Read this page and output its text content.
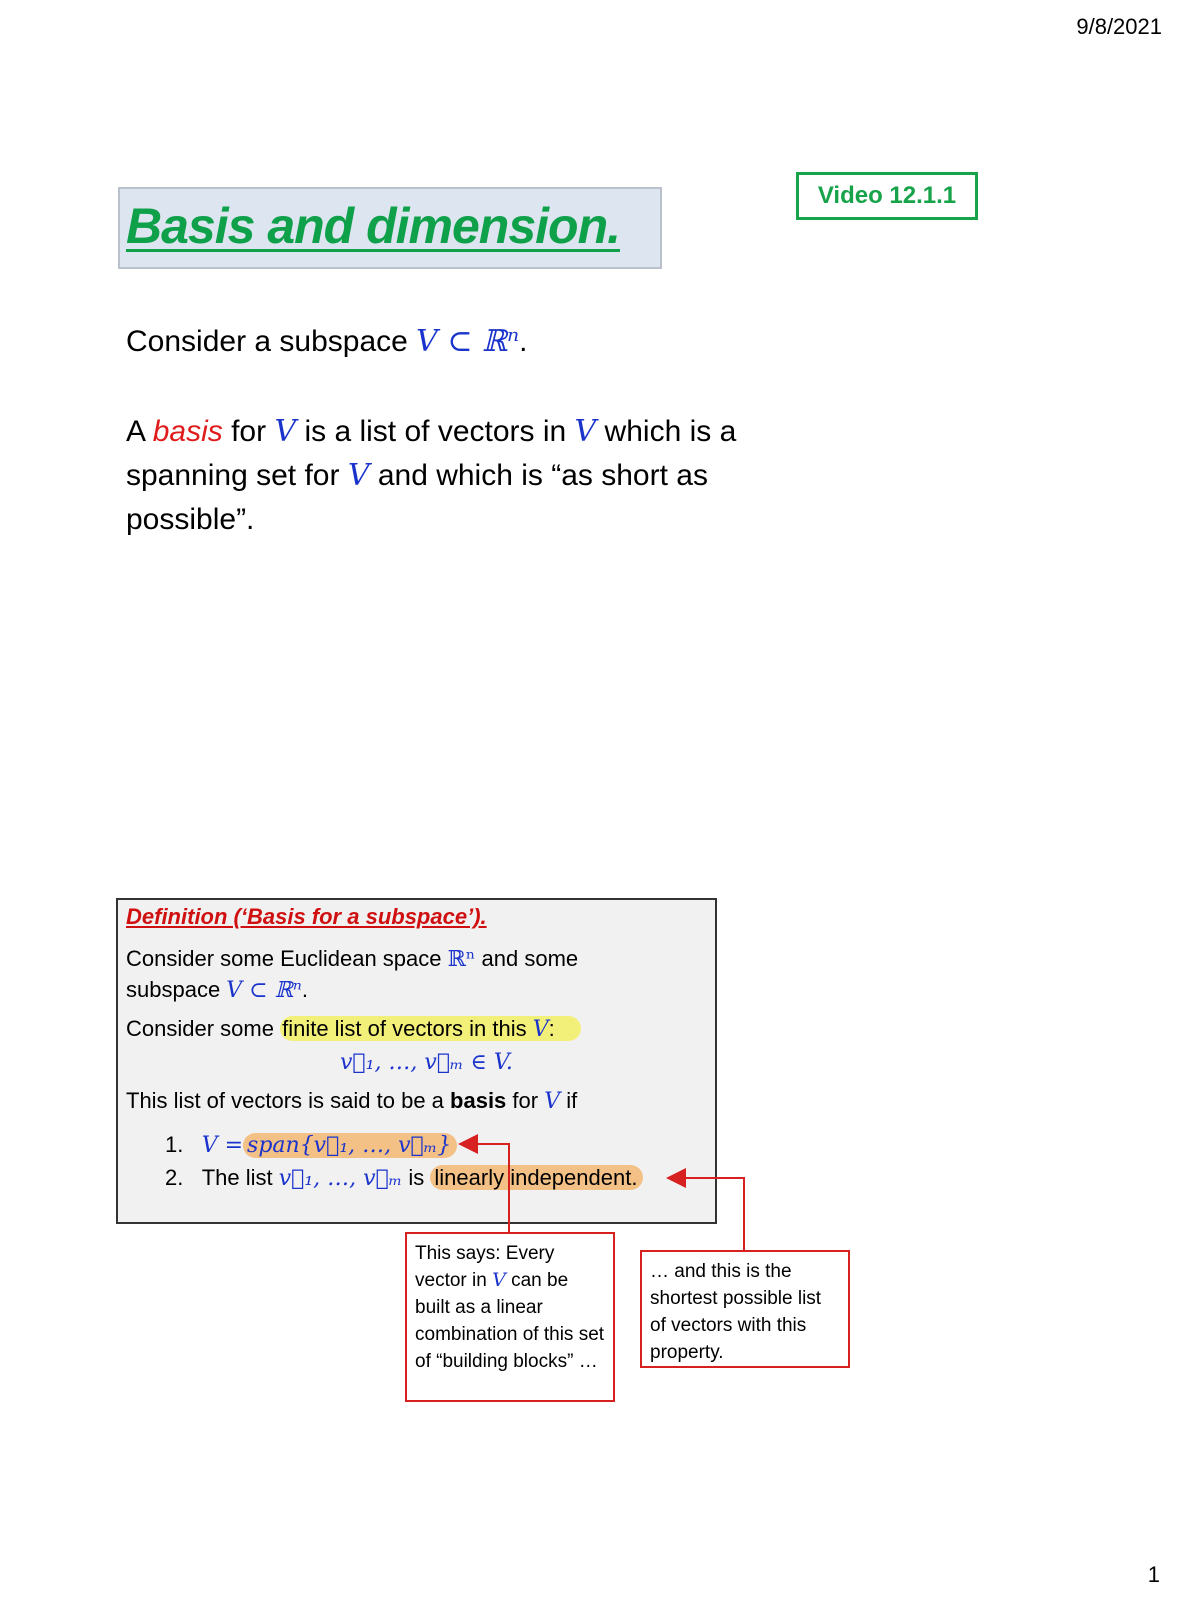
9/8/2021
Basis and dimension.
Video 12.1.1
Consider a subspace V ⊂ ℝⁿ.
A basis for V is a list of vectors in V which is a spanning set for V and which is “as short as possible”.
Definition (‘Basis for a subspace’).
Consider some Euclidean space ℝⁿ and some subspace V ⊂ ℝⁿ.
Consider some finite list of vectors in this V:
v⃗₁, …, v⃗ₘ ∈ V.
This list of vectors is said to be a basis for V if
1. V = span{v⃗₁, …, v⃗ₘ}
2. The list v⃗₁, …, v⃗ₘ is linearly independent.
This says: Every vector in V can be built as a linear combination of this set of “building blocks” …
… and this is the shortest possible list of vectors with this property.
1
